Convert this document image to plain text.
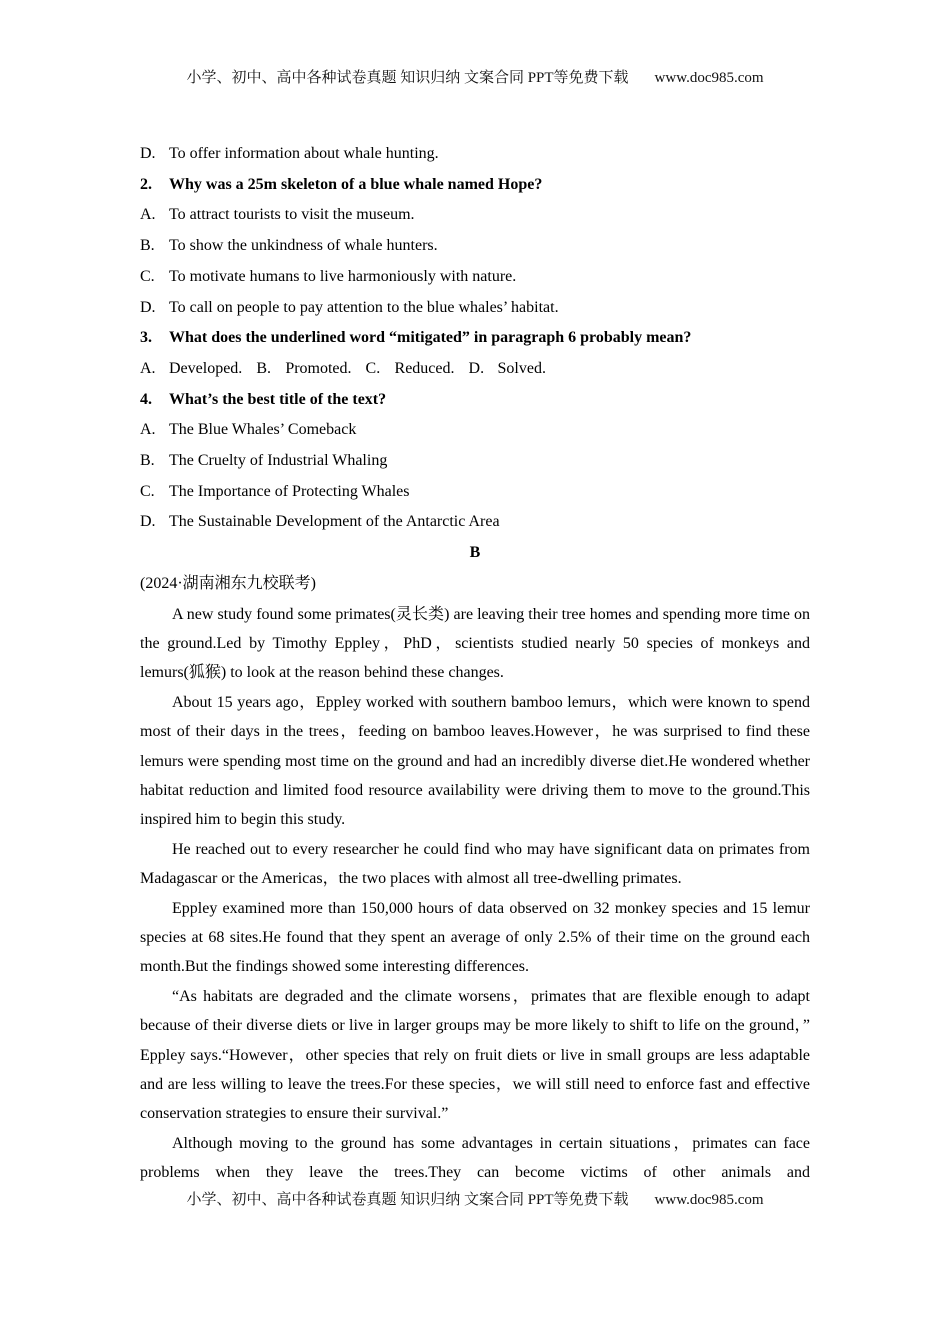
小学、初中、高中各种试卷真题 知识归纳 文案合同 PPT等免费下载 www.doc985.com
D. To offer information about whale hunting.
2.	Why was a 25m skeleton of a blue whale named Hope?
A. To attract tourists to visit the museum.
B. To show the unkindness of whale hunters.
C. To motivate humans to live harmoniously with nature.
D. To call on people to pay attention to the blue whales’ habitat.
3.	What does the underlined word “mitigated” in paragraph 6 probably mean?
A. Developed. B. Promoted. C. Reduced. D. Solved.
4.	What’s the best title of the text?
A. The Blue Whales’ Comeback
B. The Cruelty of Industrial Whaling
C. The Importance of Protecting Whales
D. The Sustainable Development of the Antarctic Area
B
(2024·湖南湘东九校联考)

A new study found some primates(灵长类) are leaving their tree homes and spending more time on the ground.Led by Timothy Eppley，PhD，scientists studied nearly 50 species of monkeys and lemurs(狐猴) to look at the reason behind these changes.

About 15 years ago，Eppley worked with southern bamboo lemurs，which were known to spend most of their days in the trees，feeding on bamboo leaves.However，he was surprised to find these lemurs were spending most time on the ground and had an incredibly diverse diet.He wondered whether habitat reduction and limited food resource availability were driving them to move to the ground.This inspired him to begin this study.

He reached out to every researcher he could find who may have significant data on primates from Madagascar or the Americas，the two places with almost all tree-dwelling primates.

Eppley examined more than 150,000 hours of data observed on 32 monkey species and 15 lemur species at 68 sites.He found that they spent an average of only 2.5% of their time on the ground each month.But the findings showed some interesting differences.

“As habitats are degraded and the climate worsens，primates that are flexible enough to adapt because of their diverse diets or live in larger groups may be more likely to shift to life on the ground，” Eppley says.“However，other species that rely on fruit diets or live in small groups are less adaptable and are less willing to leave the trees.For these species，we will still need to enforce fast and effective conservation strategies to ensure their survival.”

Although moving to the ground has some advantages in certain situations，primates can face problems when they leave the trees.They can become victims of other animals and

小学、初中、高中各种试卷真题 知识归纳 文案合同 PPT等免费下载 www.doc985.com
